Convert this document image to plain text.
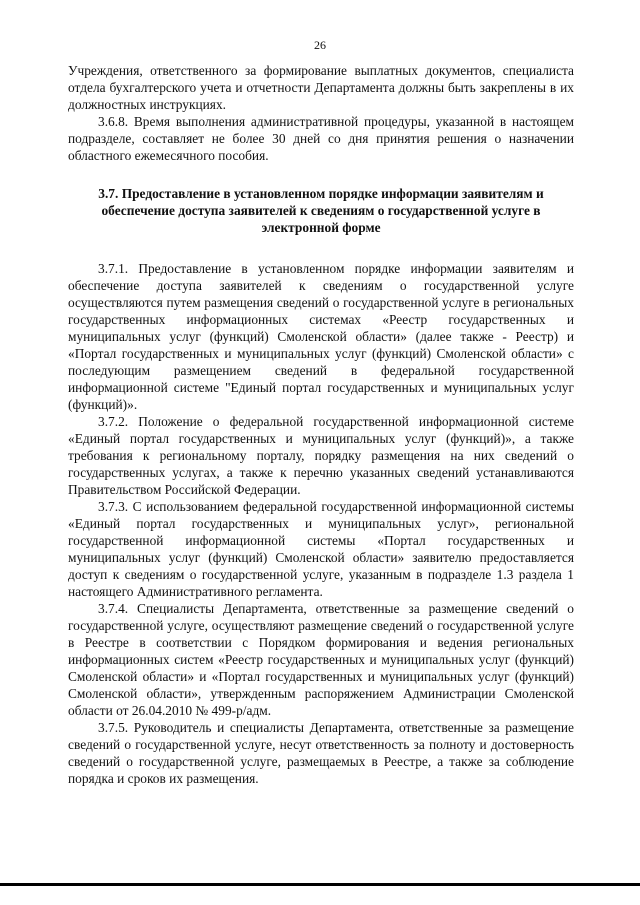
26

Учреждения, ответственного за формирование выплатных документов, специалиста отдела бухгалтерского учета и отчетности Департамента должны быть закреплены в их должностных инструкциях.

3.6.8. Время выполнения административной процедуры, указанной в настоящем подразделе, составляет не более 30 дней со дня принятия решения о назначении областного ежемесячного пособия.

3.7. Предоставление в установленном порядке информации заявителям и обеспечение доступа заявителей к сведениям о государственной услуге в электронной форме

3.7.1. Предоставление в установленном порядке информации заявителям и обеспечение доступа заявителей к сведениям о государственной услуге осуществляются путем размещения сведений о государственной услуге в региональных государственных информационных системах «Реестр государственных и муниципальных услуг (функций) Смоленской области» (далее также - Реестр) и «Портал государственных и муниципальных услуг (функций) Смоленской области» с последующим размещением сведений в федеральной государственной информационной системе "Единый портал государственных и муниципальных услуг (функций)».

3.7.2. Положение о федеральной государственной информационной системе «Единый портал государственных и муниципальных услуг (функций)», а также требования к региональному порталу, порядку размещения на них сведений о государственных услугах, а также к перечню указанных сведений устанавливаются Правительством Российской Федерации.

3.7.3. С использованием федеральной государственной информационной системы «Единый портал государственных и муниципальных услуг», региональной государственной информационной системы «Портал государственных и муниципальных услуг (функций) Смоленской области» заявителю предоставляется доступ к сведениям о государственной услуге, указанным в подразделе 1.3 раздела 1 настоящего Административного регламента.

3.7.4. Специалисты Департамента, ответственные за размещение сведений о государственной услуге, осуществляют размещение сведений о государственной услуге в Реестре в соответствии с Порядком формирования и ведения региональных информационных систем «Реестр государственных и муниципальных услуг (функций) Смоленской области» и «Портал государственных и муниципальных услуг (функций) Смоленской области», утвержденным распоряжением Администрации Смоленской области от 26.04.2010 № 499-р/адм.

3.7.5. Руководитель и специалисты Департамента, ответственные за размещение сведений о государственной услуге, несут ответственность за полноту и достоверность сведений о государственной услуге, размещаемых в Реестре, а также за соблюдение порядка и сроков их размещения.
